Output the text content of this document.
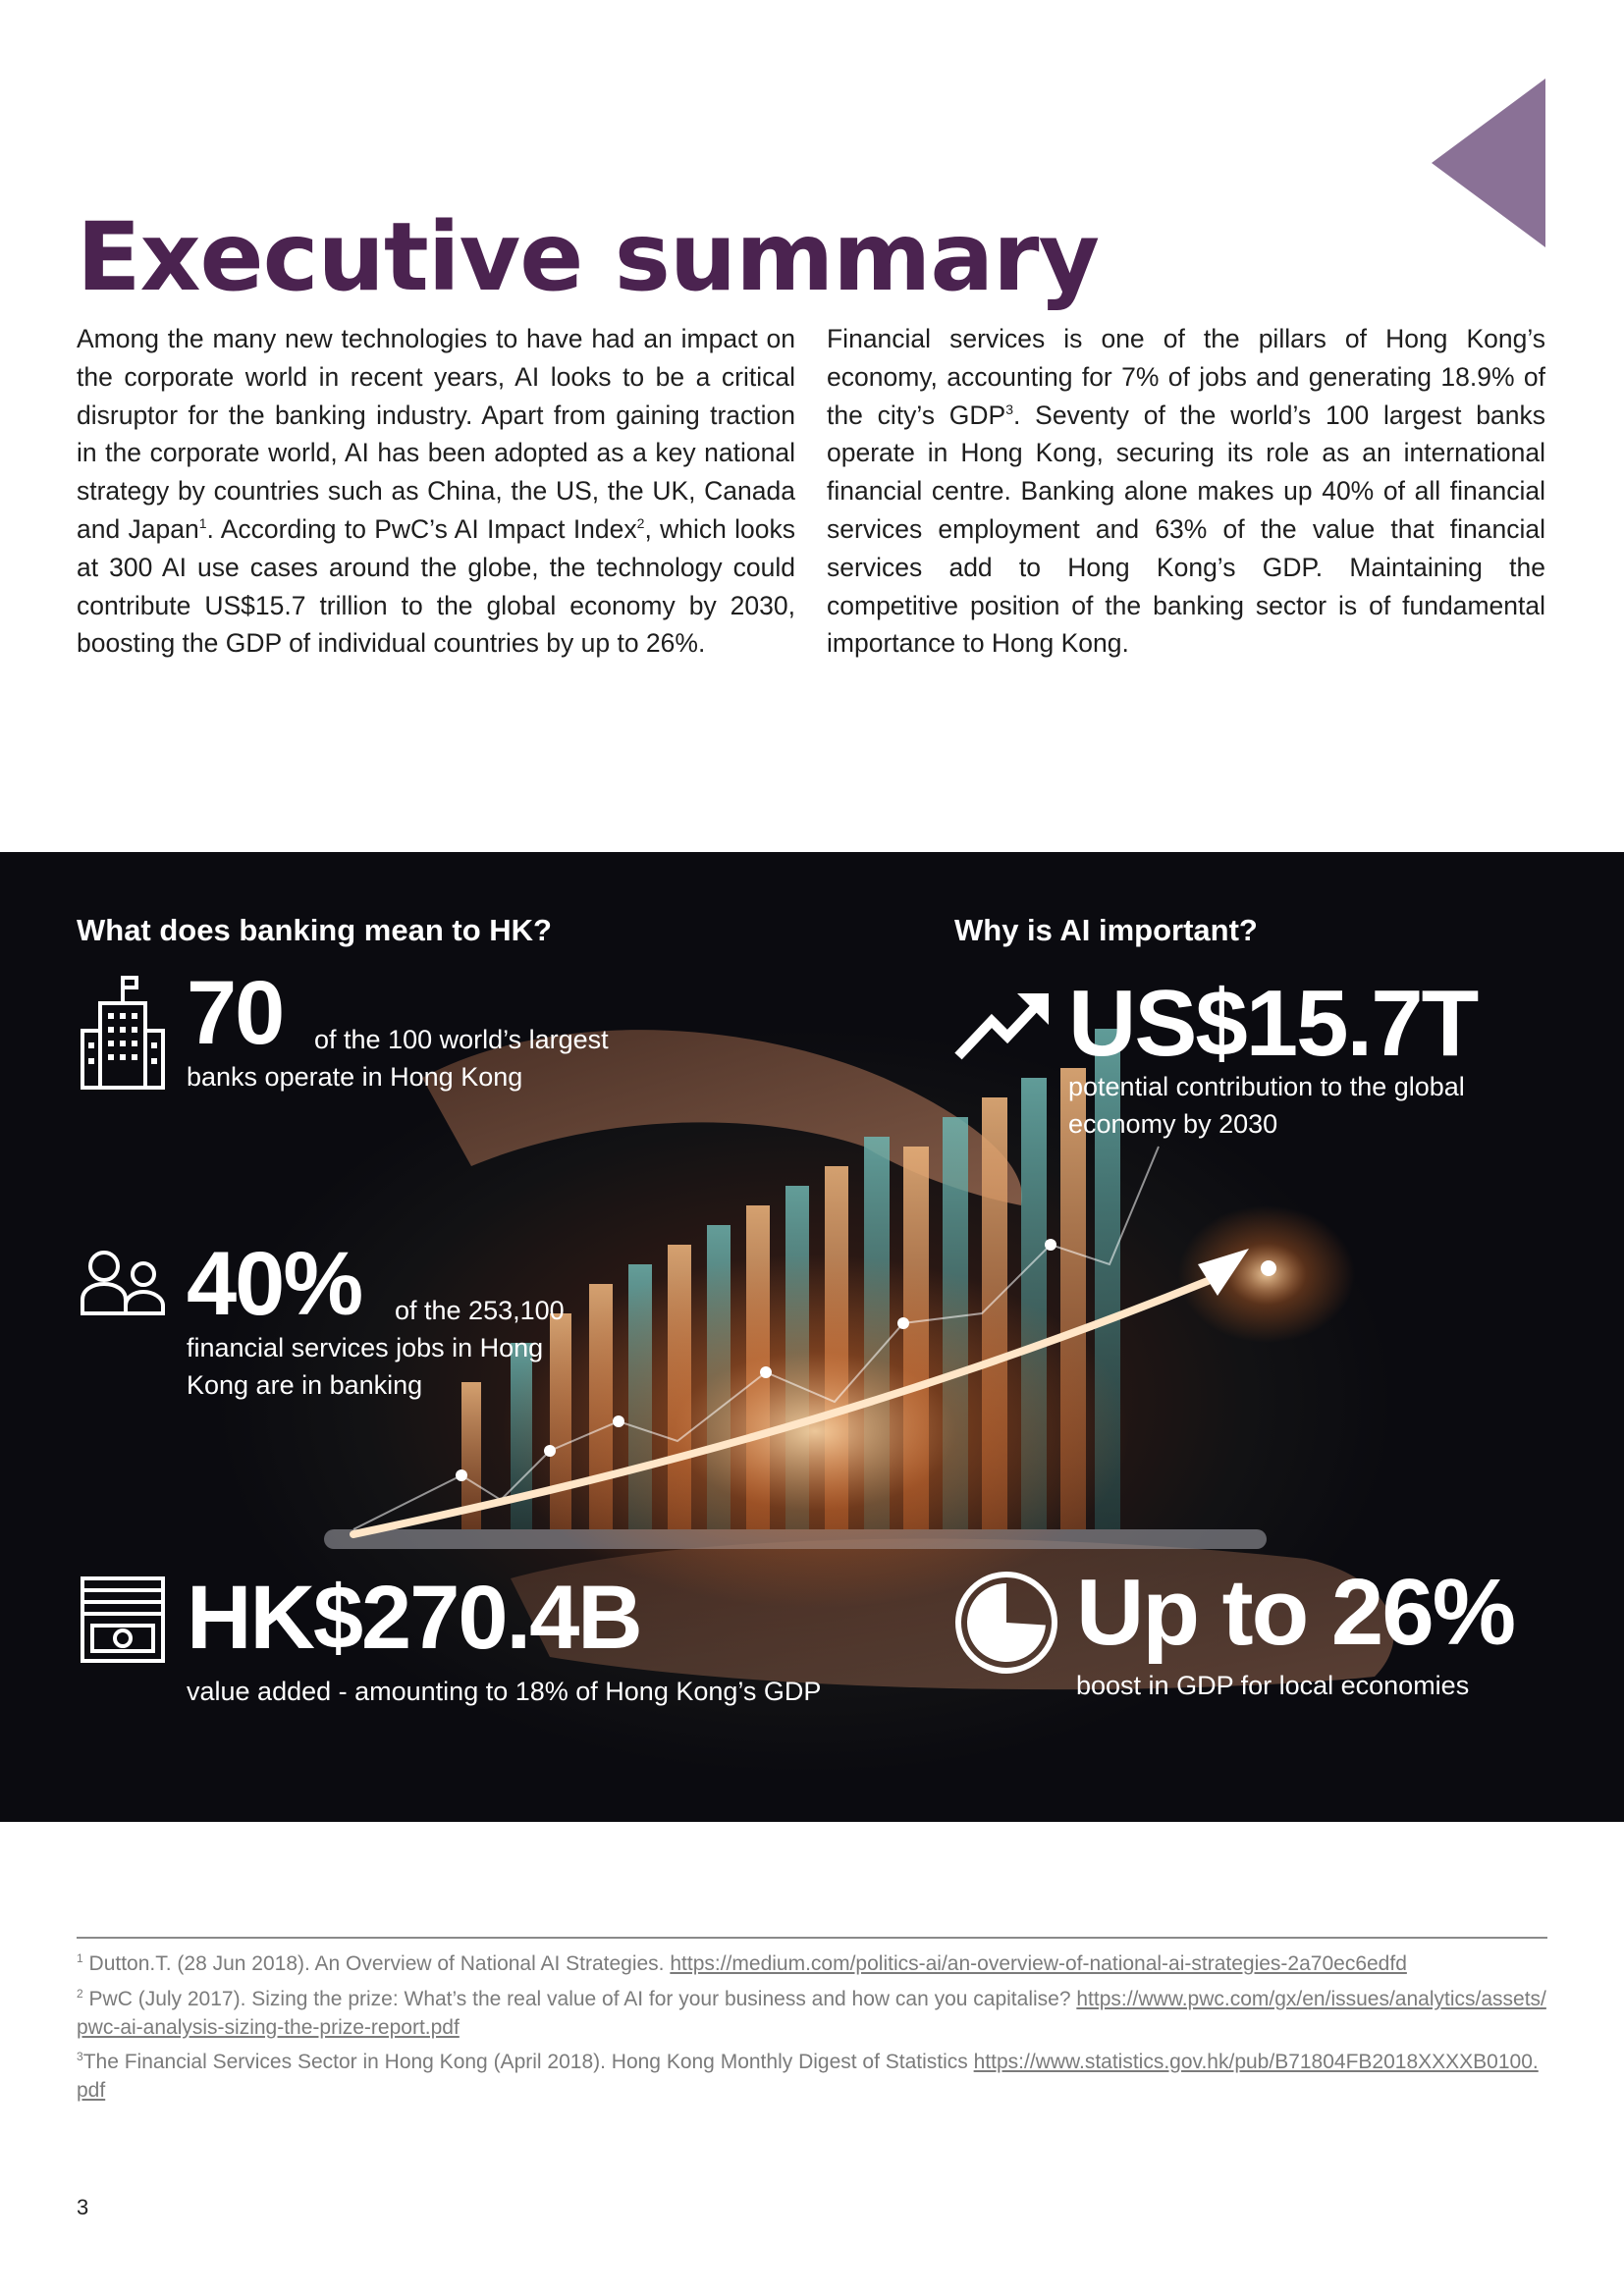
Executive summary

Among the many new technologies to have had an impact on the corporate world in recent years, AI looks to be a critical disruptor for the banking industry. Apart from gaining traction in the corporate world, AI has been adopted as a key national strategy by countries such as China, the US, the UK, Canada and Japan$^1$. According to PwC’s AI Impact Index$^2$, which looks at 300 AI use cases around the globe, the technology could contribute US$15.7 trillion to the global economy by 2030, boosting the GDP of individual countries by up to 26%.

Financial services is one of the pillars of Hong Kong’s economy, accounting for 7% of jobs and generating 18.9% of the city’s GDP$^3$. Seventy of the world’s 100 largest banks operate in Hong Kong, securing its role as an international financial centre. Banking alone makes up 40% of all financial services employment and 63% of the value that financial services add to Hong Kong’s GDP. Maintaining the competitive position of the banking sector is of fundamental importance to Hong Kong.

What does banking mean to HK?	Why is AI important?

70 of the 100 world’s largest

banks operate in Hong Kong

40% of the 253,100

financial services jobs in Hong Kong are in banking

HK$270.4B

value added - amounting to 18% of Hong Kong’s GDP

US$15.7T

potential contribution to the global economy by 2030

Up to 26%

boost in GDP for local economies

$^1$ Dutton.T. (28 Jun 2018). An Overview of National AI Strategies. https://medium.com/politics-ai/an-overview-of-national-ai-strategies-2a70ec6edfd

$^2$ PwC (July 2017). Sizing the prize: What’s the real value of AI for your business and how can you capitalise? https://www.pwc.com/gx/en/issues/analytics/assets/pwc-ai-analysis-sizing-the-prize-report.pdf

$^3$The Financial Services Sector in Hong Kong (April 2018). Hong Kong Monthly Digest of Statistics https://www.statistics.gov.hk/pub/B71804FB2018XXXXB0100.pdf

3
